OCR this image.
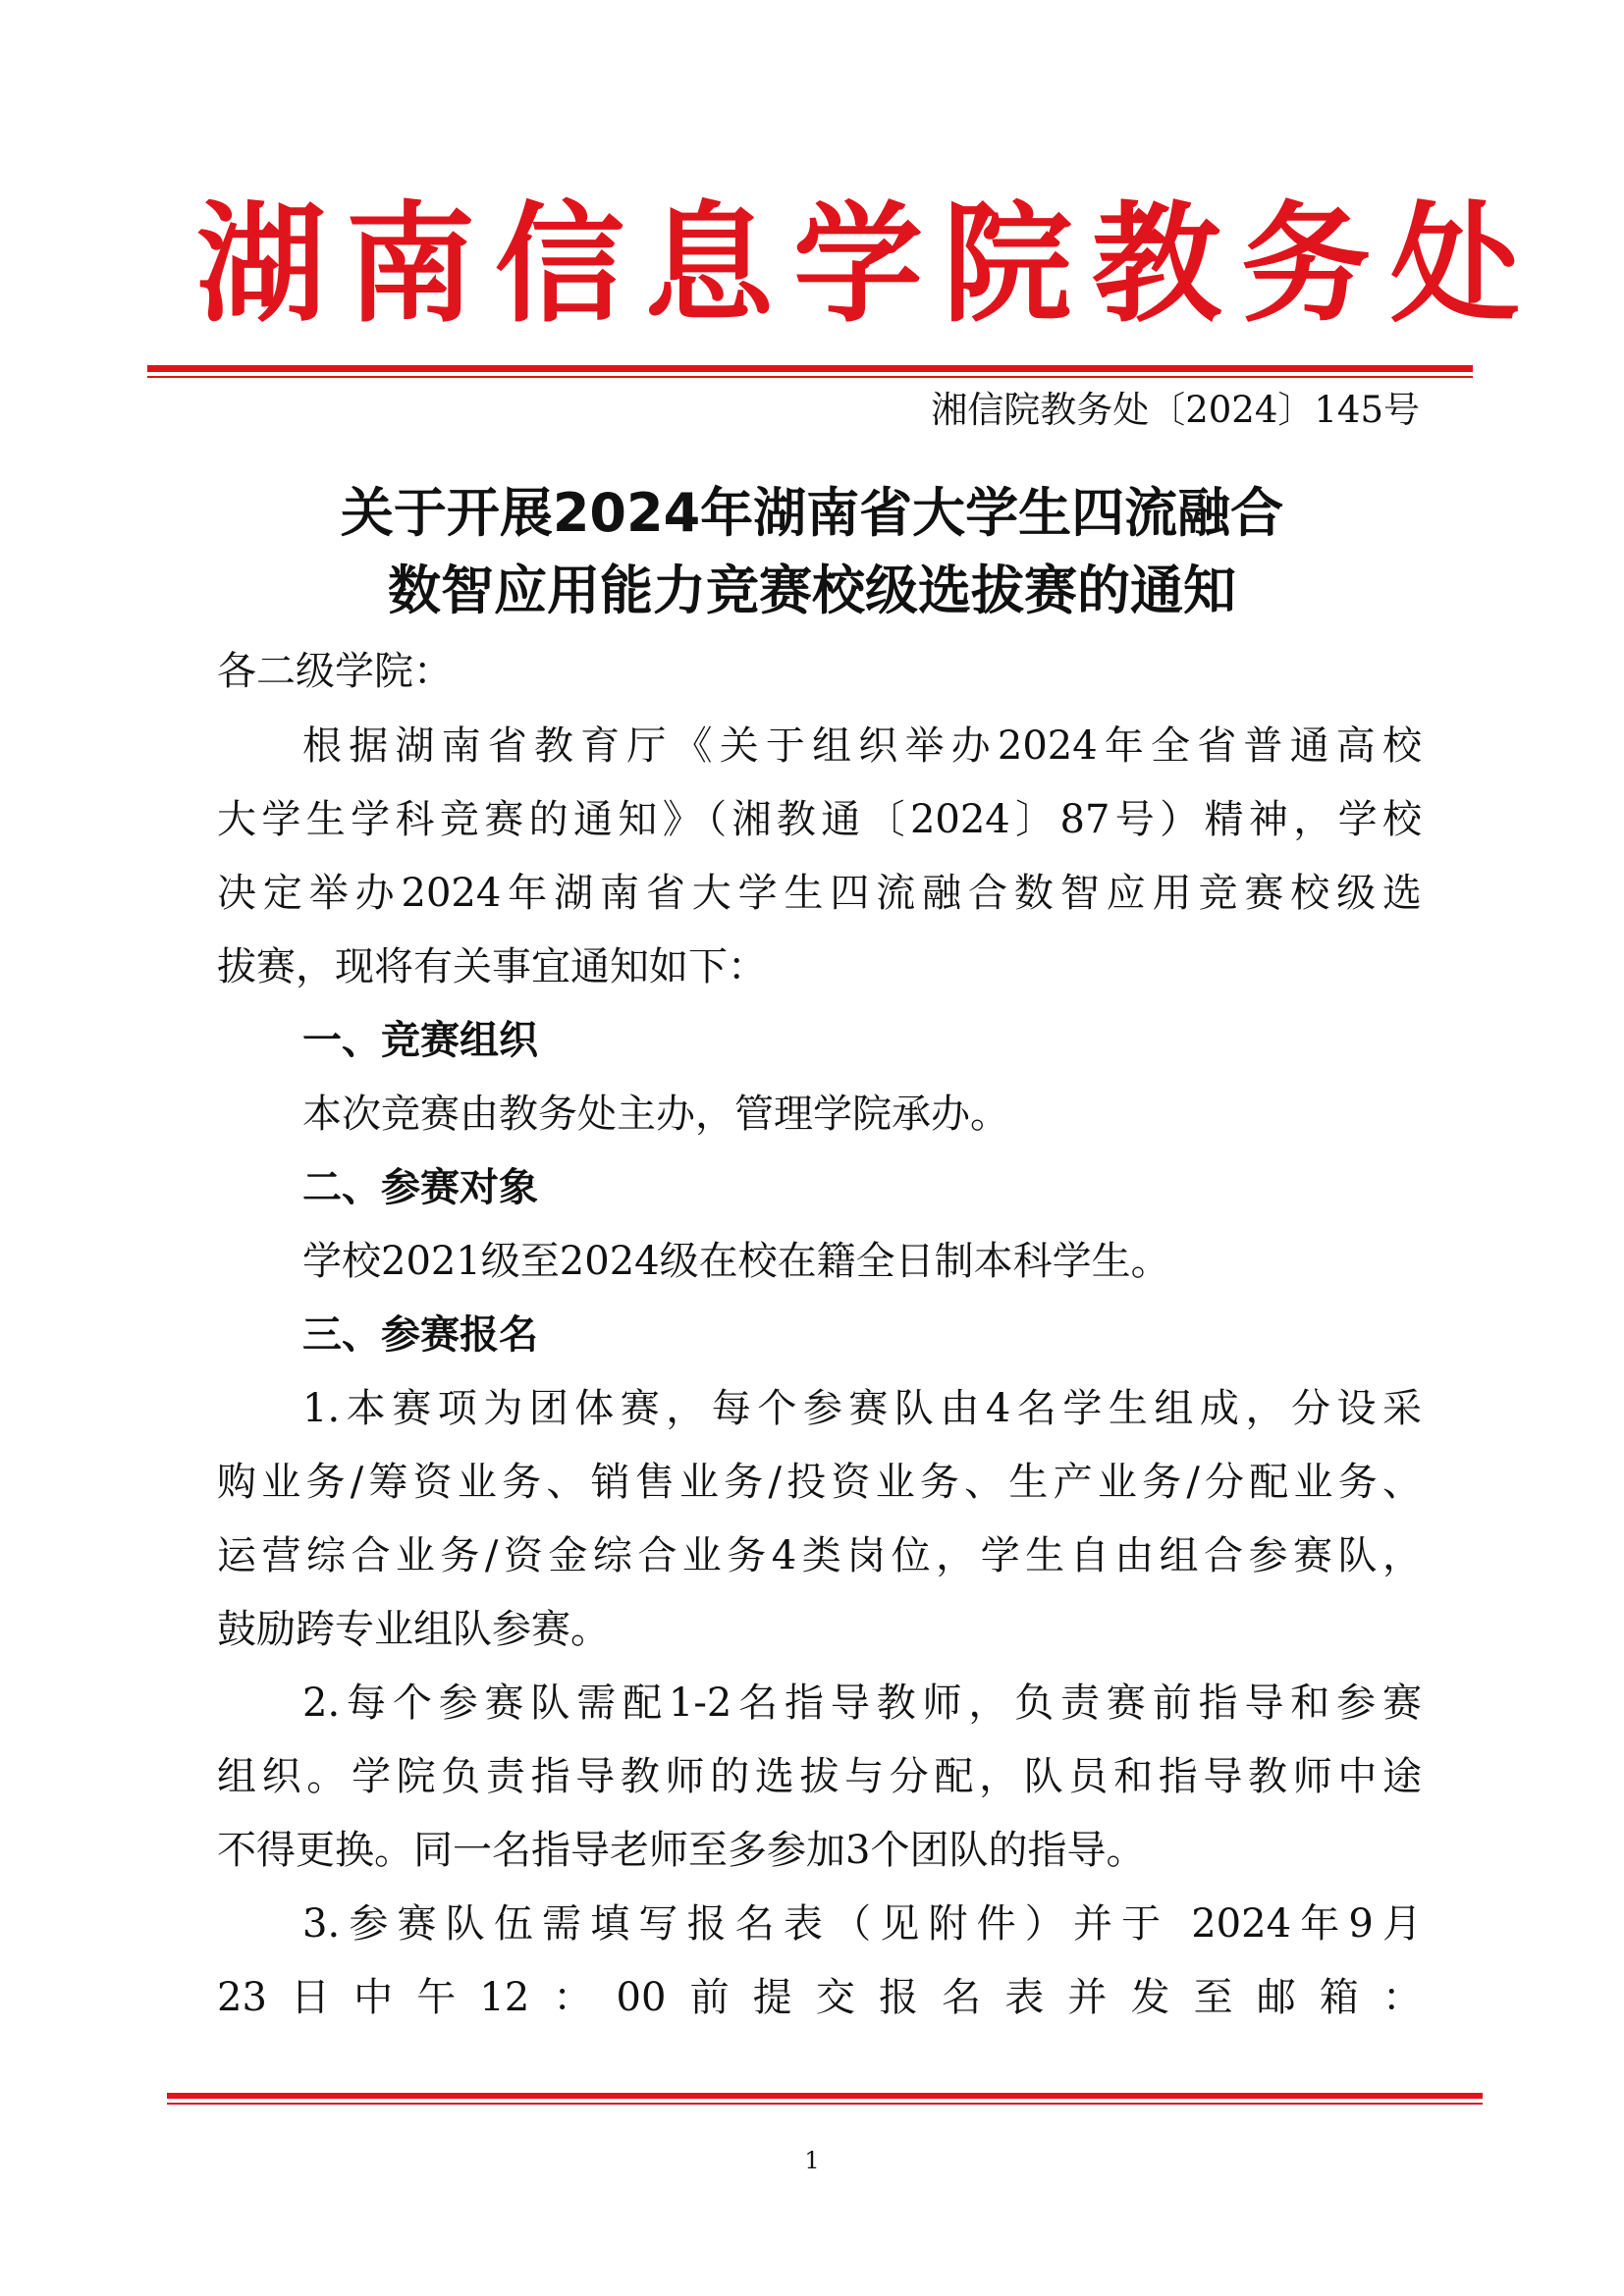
湖南信息学院教务处
湘信院教务处〔2024〕145号
关于开展2024年湖南省大学生四流融合
数智应用能力竞赛校级选拔赛的通知
各二级学院：
根据湖南省教育厅《关于组织举办2024年全省普通高校
大学生学科竞赛的通知》（湘教通〔2024〕87号）精神，学校
决定举办2024年湖南省大学生四流融合数智应用竞赛校级选
拔赛，现将有关事宜通知如下：
一、竞赛组织
本次竞赛由教务处主办，管理学院承办。
二、参赛对象
学校2021级至2024级在校在籍全日制本科学生。
三、参赛报名
1.本赛项为团体赛，每个参赛队由4名学生组成，分设采
购业务/筹资业务、销售业务/投资业务、生产业务/分配业务、
运营综合业务/资金综合业务4类岗位，学生自由组合参赛队，
鼓励跨专业组队参赛。
2.每个参赛队需配1-2名指导教师，负责赛前指导和参赛
组织。学院负责指导教师的选拔与分配，队员和指导教师中途
不得更换。同一名指导老师至多参加3个团队的指导。
3.参赛队伍需填写报名表（见附件）并于 2024年9月
23日中午12：00前提交报名表并发至邮箱：
1
